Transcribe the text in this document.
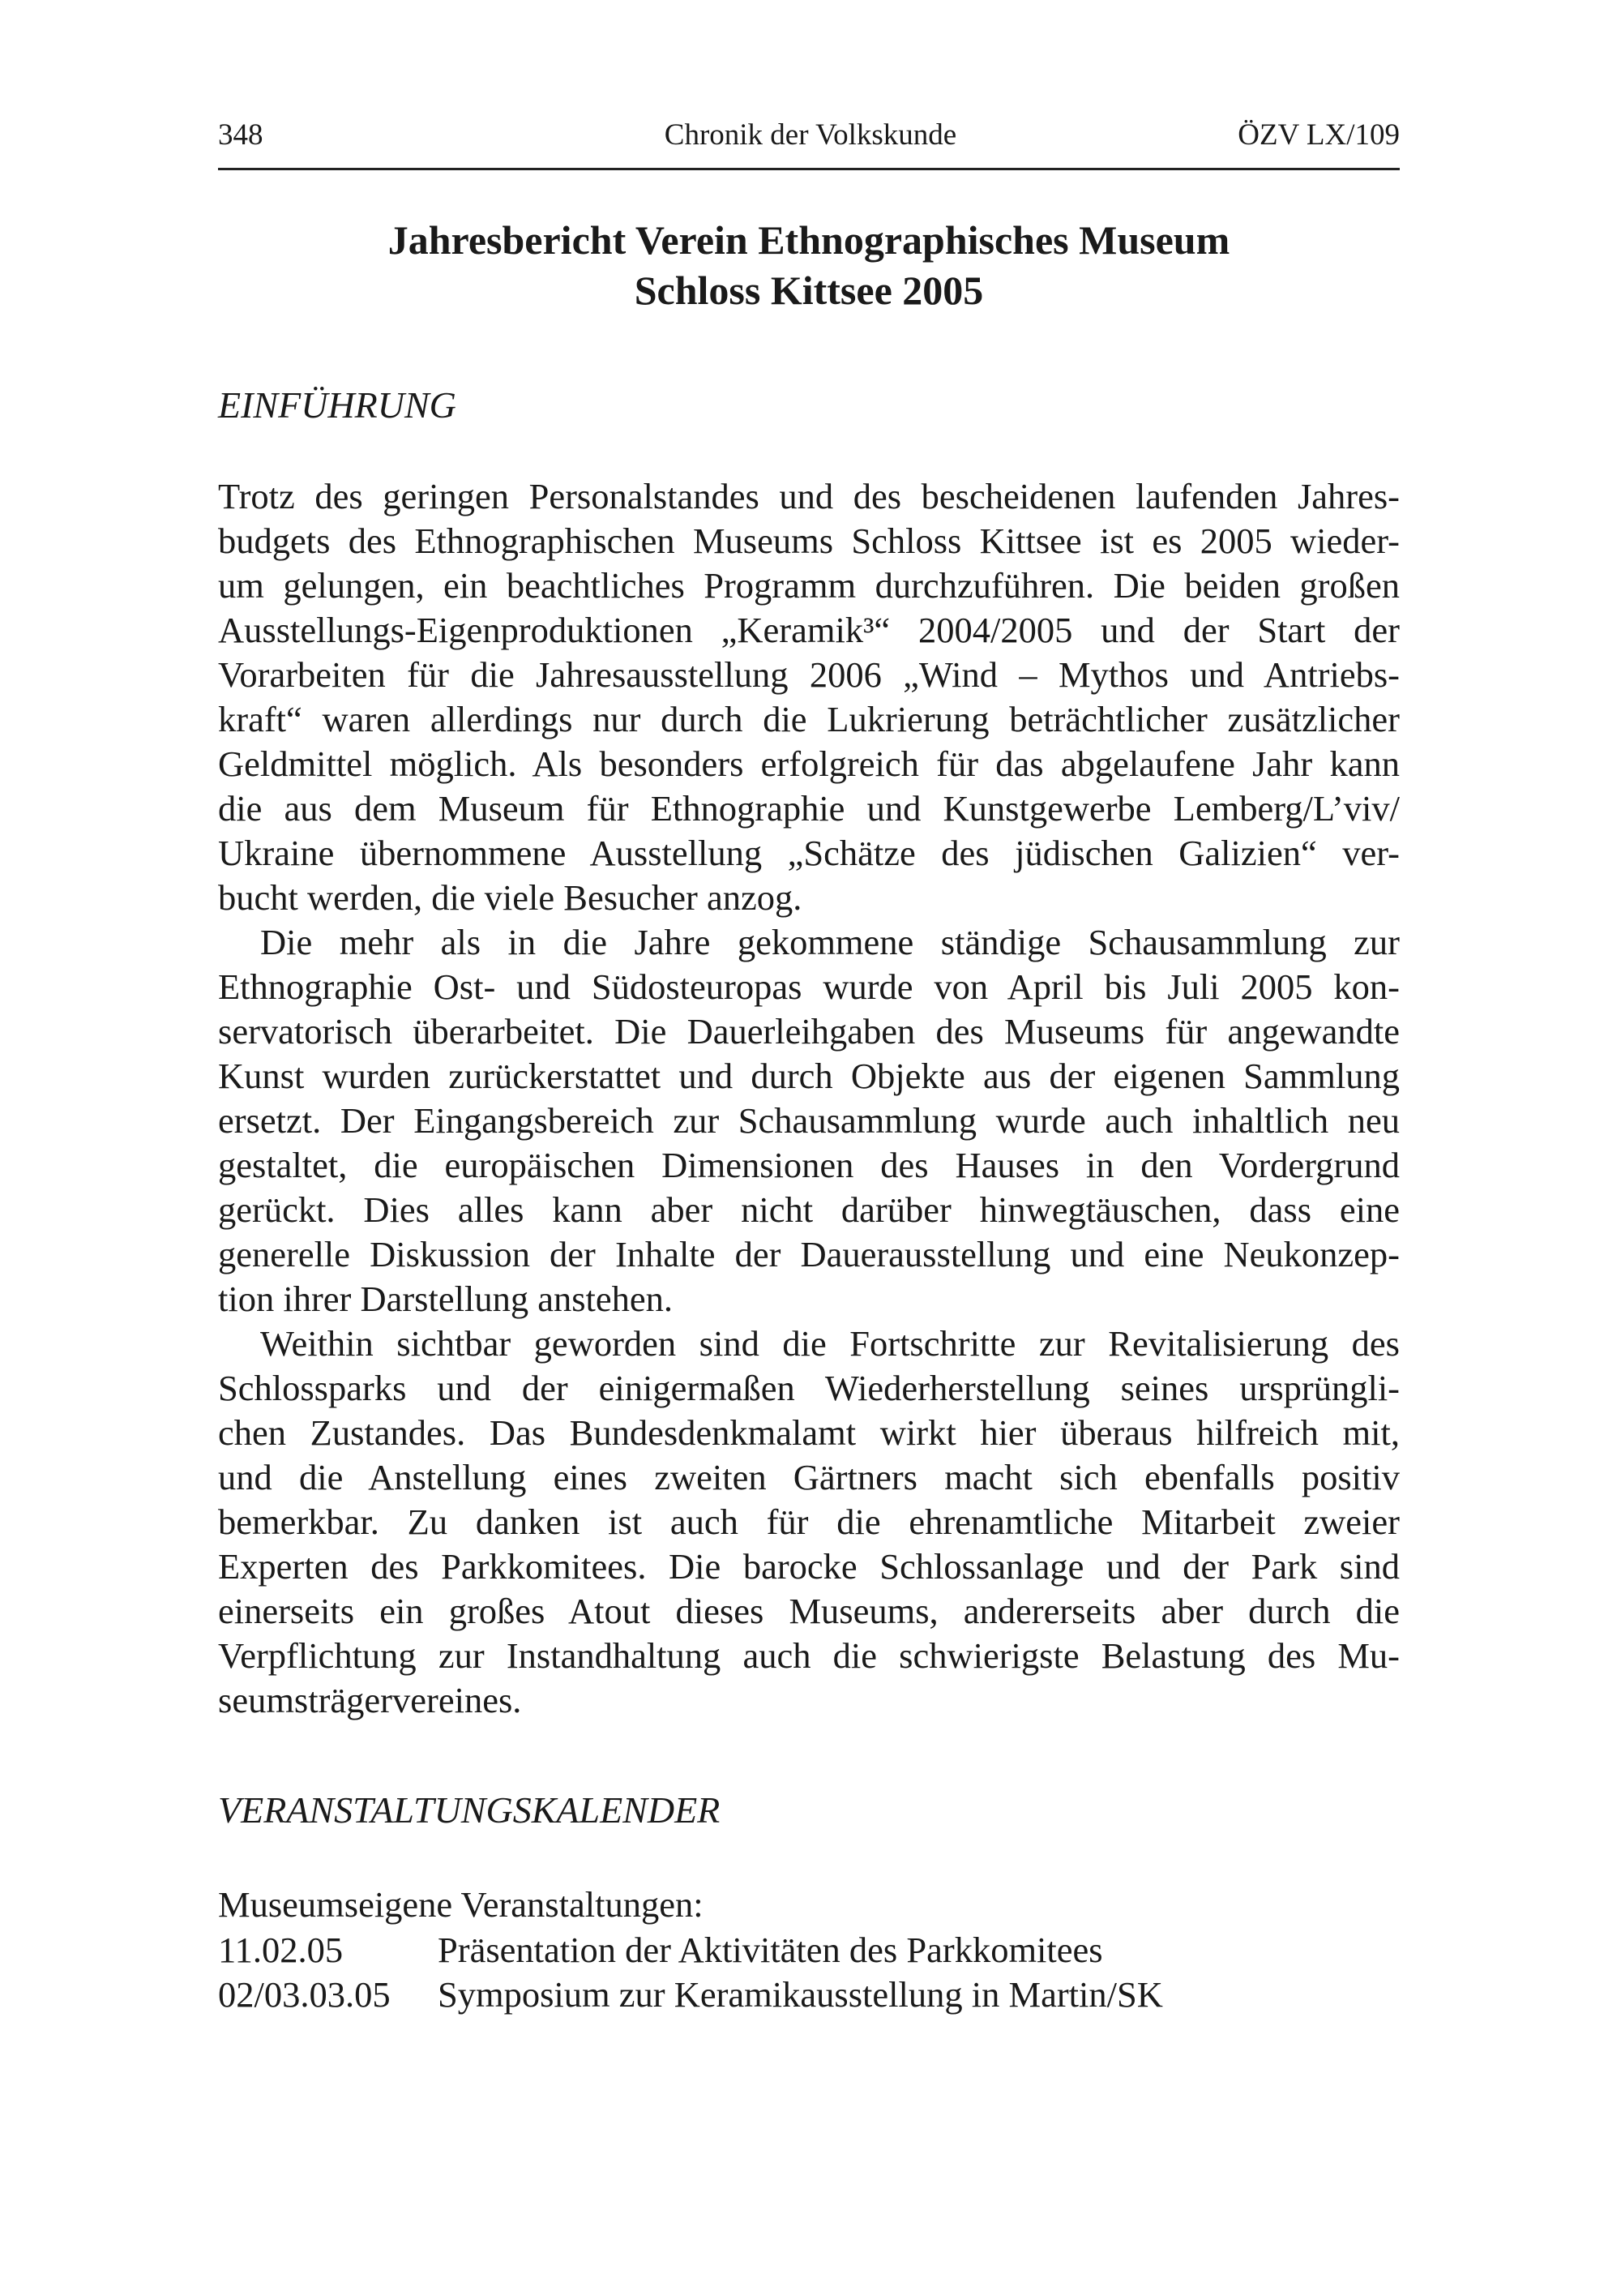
348	Chronik der Volkskunde	ÖZV LX/109
Jahresbericht Verein Ethnographisches Museum
Schloss Kittsee 2005
EINFÜHRUNG
Trotz des geringen Personalstandes und des bescheidenen laufenden Jahres-
budgets des Ethnographischen Museums Schloss Kittsee ist es 2005 wieder-
um gelungen, ein beachtliches Programm durchzuführen. Die beiden großen
Ausstellungs-Eigenproduktionen „Keramik³“ 2004/2005 und der Start der
Vorarbeiten für die Jahresausstellung 2006 „Wind – Mythos und Antriebs-
kraft“ waren allerdings nur durch die Lukrierung beträchtlicher zusätzlicher
Geldmittel möglich. Als besonders erfolgreich für das abgelaufene Jahr kann
die aus dem Museum für Ethnographie und Kunstgewerbe Lemberg/L’viv/
Ukraine übernommene Ausstellung „Schätze des jüdischen Galizien“ ver-
bucht werden, die viele Besucher anzog.
Die mehr als in die Jahre gekommene ständige Schausammlung zur
Ethnographie Ost- und Südosteuropas wurde von April bis Juli 2005 kon-
servatorisch überarbeitet. Die Dauerleihgaben des Museums für angewandte
Kunst wurden zurückerstattet und durch Objekte aus der eigenen Sammlung
ersetzt. Der Eingangsbereich zur Schausammlung wurde auch inhaltlich neu
gestaltet, die europäischen Dimensionen des Hauses in den Vordergrund
gerückt. Dies alles kann aber nicht darüber hinwegtäuschen, dass eine
generelle Diskussion der Inhalte der Dauerausstellung und eine Neukonzep-
tion ihrer Darstellung anstehen.
Weithin sichtbar geworden sind die Fortschritte zur Revitalisierung des
Schlossparks und der einigermaßen Wiederherstellung seines ursprüngli-
chen Zustandes. Das Bundesdenkmalamt wirkt hier überaus hilfreich mit,
und die Anstellung eines zweiten Gärtners macht sich ebenfalls positiv
bemerkbar. Zu danken ist auch für die ehrenamtliche Mitarbeit zweier
Experten des Parkkomitees. Die barocke Schlossanlage und der Park sind
einerseits ein großes Atout dieses Museums, andererseits aber durch die
Verpflichtung zur Instandhaltung auch die schwierigste Belastung des Mu-
seumsträgervereines.
VERANSTALTUNGSKALENDER
Museumseigene Veranstaltungen:
11.02.05	Präsentation der Aktivitäten des Parkkomitees
02/03.03.05 Symposium zur Keramikausstellung in Martin/SK
